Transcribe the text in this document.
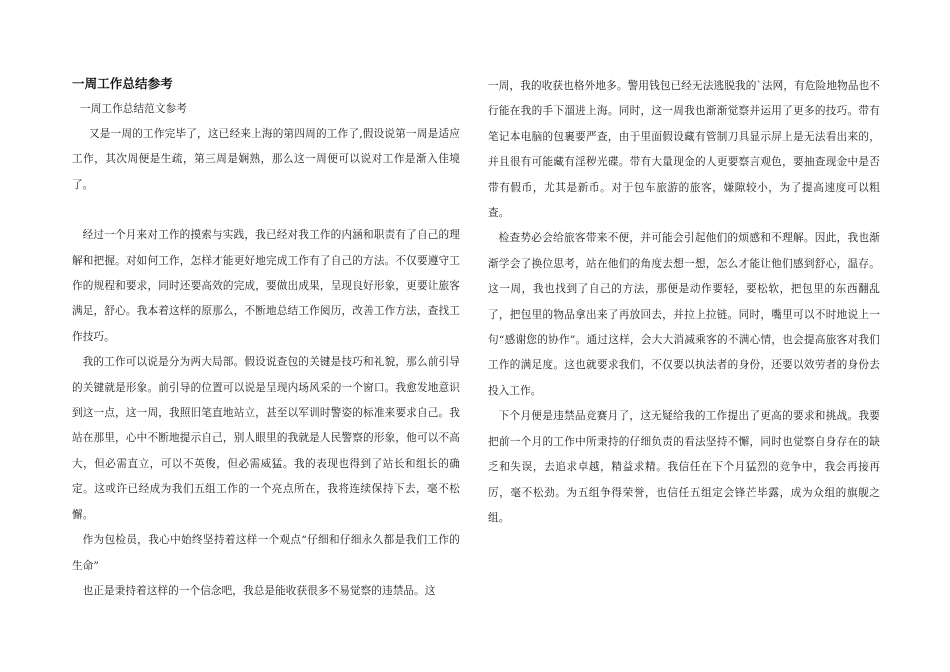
一周工作总结参考

一周工作总结范文参考

又是一周的工作完毕了，这已经来上海的第四周的工作了,假设说第一周是适应工作，其次周便是生疏，第三周是娴熟，那么这一周便可以说对工作是渐入佳境了。

经过一个月来对工作的摸索与实践，我已经对我工作的内涵和职责有了自己的理解和把握。对如何工作，怎样才能更好地完成工作有了自己的方法。不仅要遵守工作的规程和要求，同时还要高效的完成，要做出成果，呈现良好形象，更要让旅客满足，舒心。我本着这样的原那么，不断地总结工作阅历，改善工作方法，查找工作技巧。

我的工作可以说是分为两大局部。假设说查包的关键是技巧和礼貌，那么前引导的关键就是形象。前引导的位置可以说是呈现内场风采的一个窗口。我愈发地意识到这一点，这一周，我照旧笔直地站立，甚至以军训时警姿的标准来要求自己。我站在那里，心中不断地提示自己，别人眼里的我就是人民警察的形象，他可以不高大，但必需直立，可以不英俊，但必需威猛。我的表现也得到了站长和组长的确定。这或许已经成为我们五组工作的一个亮点所在，我将连续保持下去，毫不松懈。

作为包检员，我心中始终坚持着这样一个观点“仔细和仔细永久都是我们工作的生命”

也正是秉持着这样的一个信念吧，我总是能收获很多不易觉察的违禁品。这

一周，我的收获也格外地多。警用钱包已经无法逃脱我的`法网，有危险地物品也不行能在我的手下溜进上海。同时，这一周我也渐渐觉察并运用了更多的技巧。带有笔记本电脑的包裹要严查，由于里面假设藏有管制刀具显示屏上是无法看出来的，并且很有可能藏有淫秽光碟。带有大量现金的人更要察言观色，要抽查现金中是否带有假币，尤其是新币。对于包车旅游的旅客，嫌隙较小，为了提高速度可以粗查。

检查势必会给旅客带来不便，并可能会引起他们的烦感和不理解。因此，我也渐渐学会了换位思考，站在他们的角度去想一想，怎么才能让他们感到舒心，温存。这一周，我也找到了自己的方法，那便是动作要轻，要松软，把包里的东西翻乱了，把包里的物品拿出来了再放回去，并拉上拉链。同时，嘴里可以不时地说上一句“感谢您的协作”。通过这样，会大大消减乘客的不满心情，也会提高旅客对我们工作的满足度。这也就要求我们，不仅要以执法者的身份，还要以效劳者的身份去投入工作。

下个月便是违禁品竞赛月了，这无疑给我的工作提出了更高的要求和挑战。我要把前一个月的工作中所秉持的仔细负责的看法坚持不懈，同时也觉察自身存在的缺乏和失误，去追求卓越，精益求精。我信任在下个月猛烈的竞争中，我会再接再厉，毫不松劲。为五组争得荣誉，也信任五组定会锋芒毕露，成为众组的旗舰之组。
